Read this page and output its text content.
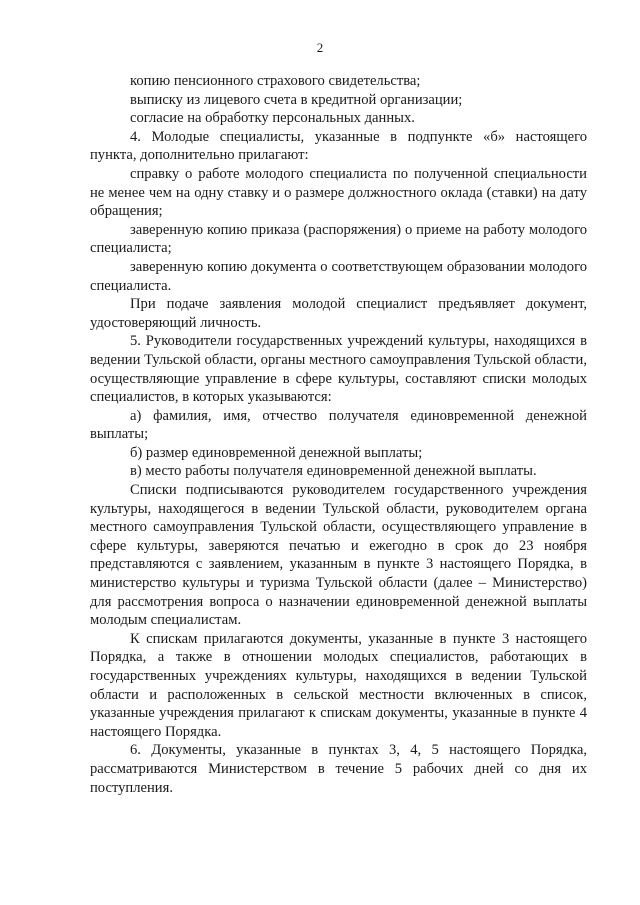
2

копию пенсионного страхового свидетельства;

выписку из лицевого счета в кредитной организации;

согласие на обработку персональных данных.

4. Молодые специалисты, указанные в подпункте «б» настоящего пункта, дополнительно прилагают:

справку о работе молодого специалиста по полученной специальности не менее чем на одну ставку и о размере должностного оклада (ставки) на дату обращения;

заверенную копию приказа (распоряжения) о приеме на работу молодого специалиста;

заверенную копию документа о соответствующем образовании молодого специалиста.

При подаче заявления молодой специалист предъявляет документ, удостоверяющий личность.

5. Руководители государственных учреждений культуры, находящихся в ведении Тульской области, органы местного самоуправления Тульской области, осуществляющие управление в сфере культуры, составляют списки молодых специалистов, в которых указываются:

а) фамилия, имя, отчество получателя единовременной денежной выплаты;

б) размер единовременной денежной выплаты;

в) место работы получателя единовременной денежной выплаты.

Списки подписываются руководителем государственного учреждения культуры, находящегося в ведении Тульской области, руководителем органа местного самоуправления Тульской области, осуществляющего управление в сфере культуры, заверяются печатью и ежегодно в срок до 23 ноября представляются с заявлением, указанным в пункте 3 настоящего Порядка, в министерство культуры и туризма Тульской области (далее – Министерство) для рассмотрения вопроса о назначении единовременной денежной выплаты молодым специалистам.

К спискам прилагаются документы, указанные в пункте 3 настоящего Порядка, а также в отношении молодых специалистов, работающих в государственных учреждениях культуры, находящихся в ведении Тульской области и расположенных в сельской местности включенных в список, указанные учреждения прилагают к спискам документы, указанные в пункте 4 настоящего Порядка.

6. Документы, указанные в пунктах 3, 4, 5 настоящего Порядка, рассматриваются Министерством в течение 5 рабочих дней со дня их поступления.
